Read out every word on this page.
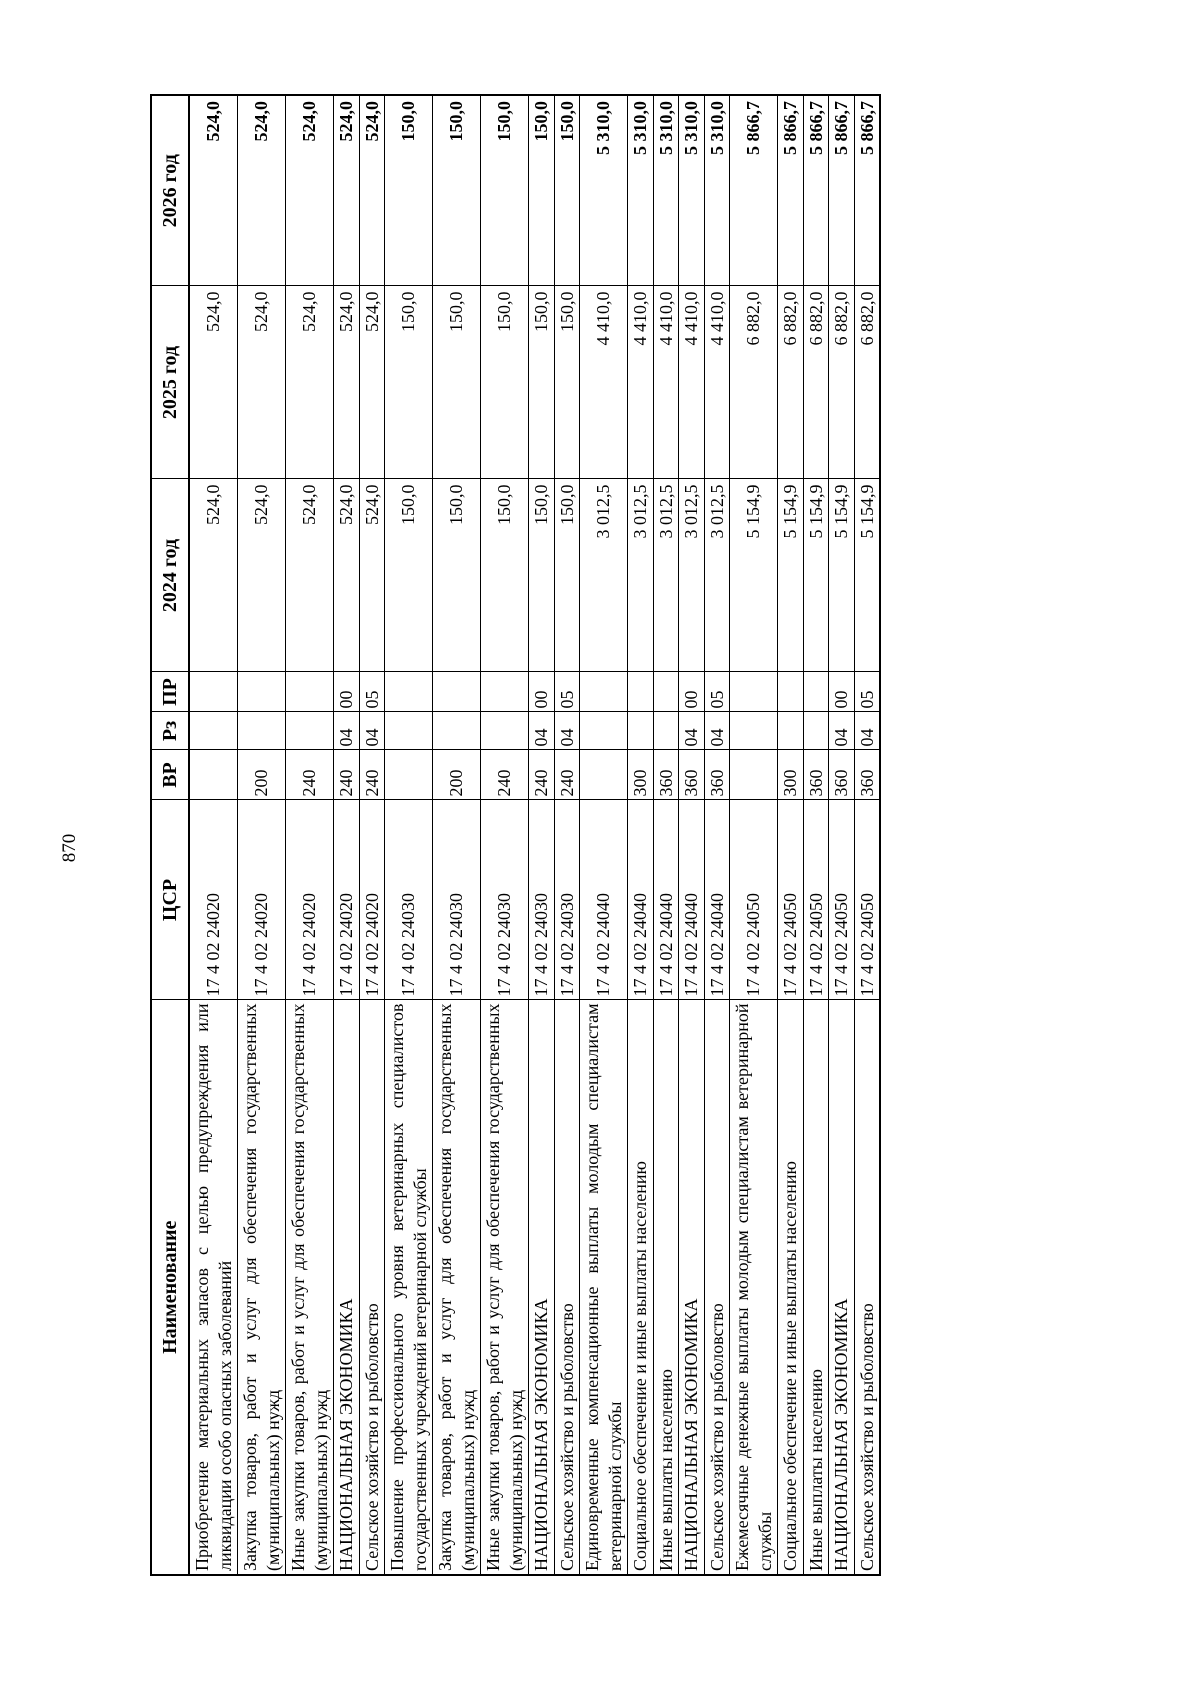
870
Наименование	ЦСР	ВР	Рз	ПР	2024 год	2025 год	2026 год
Приобретение материальных запасов с целью предупреждения или ликвидации особо опасных заболеваний	17 4 02 24020				524,0	524,0	524,0
Закупка товаров, работ и услуг для обеспечения государственных (муниципальных) нужд	17 4 02 24020	200			524,0	524,0	524,0
Иные закупки товаров, работ и услуг для обеспечения государственных (муниципальных) нужд	17 4 02 24020	240			524,0	524,0	524,0
НАЦИОНАЛЬНАЯ ЭКОНОМИКА	17 4 02 24020	240	04	00	524,0	524,0	524,0
Сельское хозяйство и рыболовство	17 4 02 24020	240	04	05	524,0	524,0	524,0
Повышение профессионального уровня ветеринарных специалистов государственных учреждений ветеринарной службы	17 4 02 24030				150,0	150,0	150,0
Закупка товаров, работ и услуг для обеспечения государственных (муниципальных) нужд	17 4 02 24030	200			150,0	150,0	150,0
Иные закупки товаров, работ и услуг для обеспечения государственных (муниципальных) нужд	17 4 02 24030	240			150,0	150,0	150,0
НАЦИОНАЛЬНАЯ ЭКОНОМИКА	17 4 02 24030	240	04	00	150,0	150,0	150,0
Сельское хозяйство и рыболовство	17 4 02 24030	240	04	05	150,0	150,0	150,0
Единовременные компенсационные выплаты молодым специалистам ветеринарной службы	17 4 02 24040				3 012,5	4 410,0	5 310,0
Социальное обеспечение и иные выплаты населению	17 4 02 24040	300			3 012,5	4 410,0	5 310,0
Иные выплаты населению	17 4 02 24040	360			3 012,5	4 410,0	5 310,0
НАЦИОНАЛЬНАЯ ЭКОНОМИКА	17 4 02 24040	360	04	00	3 012,5	4 410,0	5 310,0
Сельское хозяйство и рыболовство	17 4 02 24040	360	04	05	3 012,5	4 410,0	5 310,0
Ежемесячные денежные выплаты молодым специалистам ветеринарной службы	17 4 02 24050				5 154,9	6 882,0	5 866,7
Социальное обеспечение и иные выплаты населению	17 4 02 24050	300			5 154,9	6 882,0	5 866,7
Иные выплаты населению	17 4 02 24050	360			5 154,9	6 882,0	5 866,7
НАЦИОНАЛЬНАЯ ЭКОНОМИКА	17 4 02 24050	360	04	00	5 154,9	6 882,0	5 866,7
Сельское хозяйство и рыболовство	17 4 02 24050	360	04	05	5 154,9	6 882,0	5 866,7
